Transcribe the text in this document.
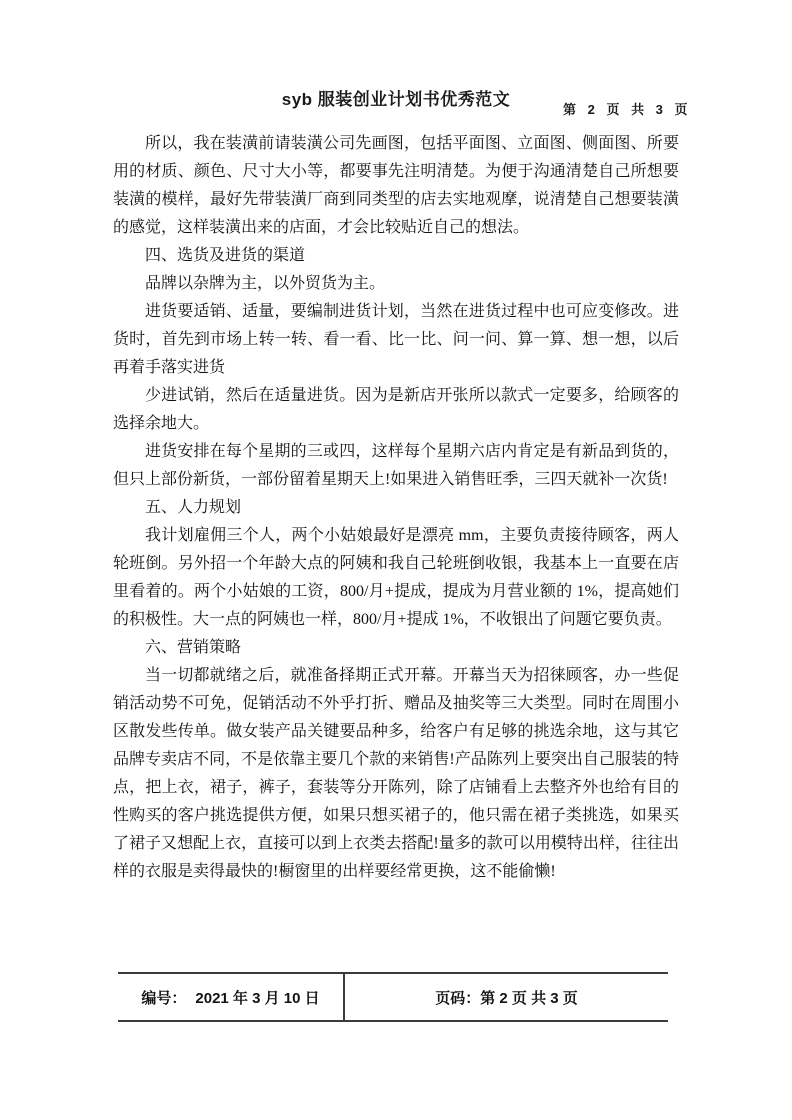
syb 服装创业计划书优秀范文
第 2 页 共 3 页

所以，我在装潢前请装潢公司先画图，包括平面图、立面图、侧面图、所要用的材质、颜色、尺寸大小等，都要事先注明清楚。为便于沟通清楚自己所想要装潢的模样，最好先带装潢厂商到同类型的店去实地观摩，说清楚自己想要装潢的感觉，这样装潢出来的店面，才会比较贴近自己的想法。

四、选货及进货的渠道

品牌以杂牌为主，以外贸货为主。

进货要适销、适量，要编制进货计划，当然在进货过程中也可应变修改。进货时，首先到市场上转一转、看一看、比一比、问一问、算一算、想一想，以后再着手落实进货

少进试销，然后在适量进货。因为是新店开张所以款式一定要多，给顾客的选择余地大。

进货安排在每个星期的三或四，这样每个星期六店内肯定是有新品到货的，但只上部份新货，一部份留着星期天上!如果进入销售旺季，三四天就补一次货!

五、人力规划

我计划雇佣三个人，两个小姑娘最好是漂亮 mm，主要负责接待顾客，两人轮班倒。另外招一个年龄大点的阿姨和我自己轮班倒收银，我基本上一直要在店里看着的。两个小姑娘的工资，800/月+提成，提成为月营业额的 1%，提高她们的积极性。大一点的阿姨也一样，800/月+提成 1%，不收银出了问题它要负责。

六、营销策略

当一切都就绪之后，就准备择期正式开幕。开幕当天为招徕顾客，办一些促销活动势不可免，促销活动不外乎打折、赠品及抽奖等三大类型。同时在周围小区散发些传单。做女装产品关键要品种多，给客户有足够的挑选余地，这与其它品牌专卖店不同，不是依靠主要几个款的来销售!产品陈列上要突出自己服装的特点，把上衣，裙子，裤子，套装等分开陈列，除了店铺看上去整齐外也给有目的性购买的客户挑选提供方便，如果只想买裙子的，他只需在裙子类挑选，如果买了裙子又想配上衣，直接可以到上衣类去搭配!量多的款可以用模特出样，往往出样的衣服是卖得最快的!橱窗里的出样要经常更换，这不能偷懒!

编号： 2021 年 3 月 10 日	页码： 第 2 页 共 3 页
